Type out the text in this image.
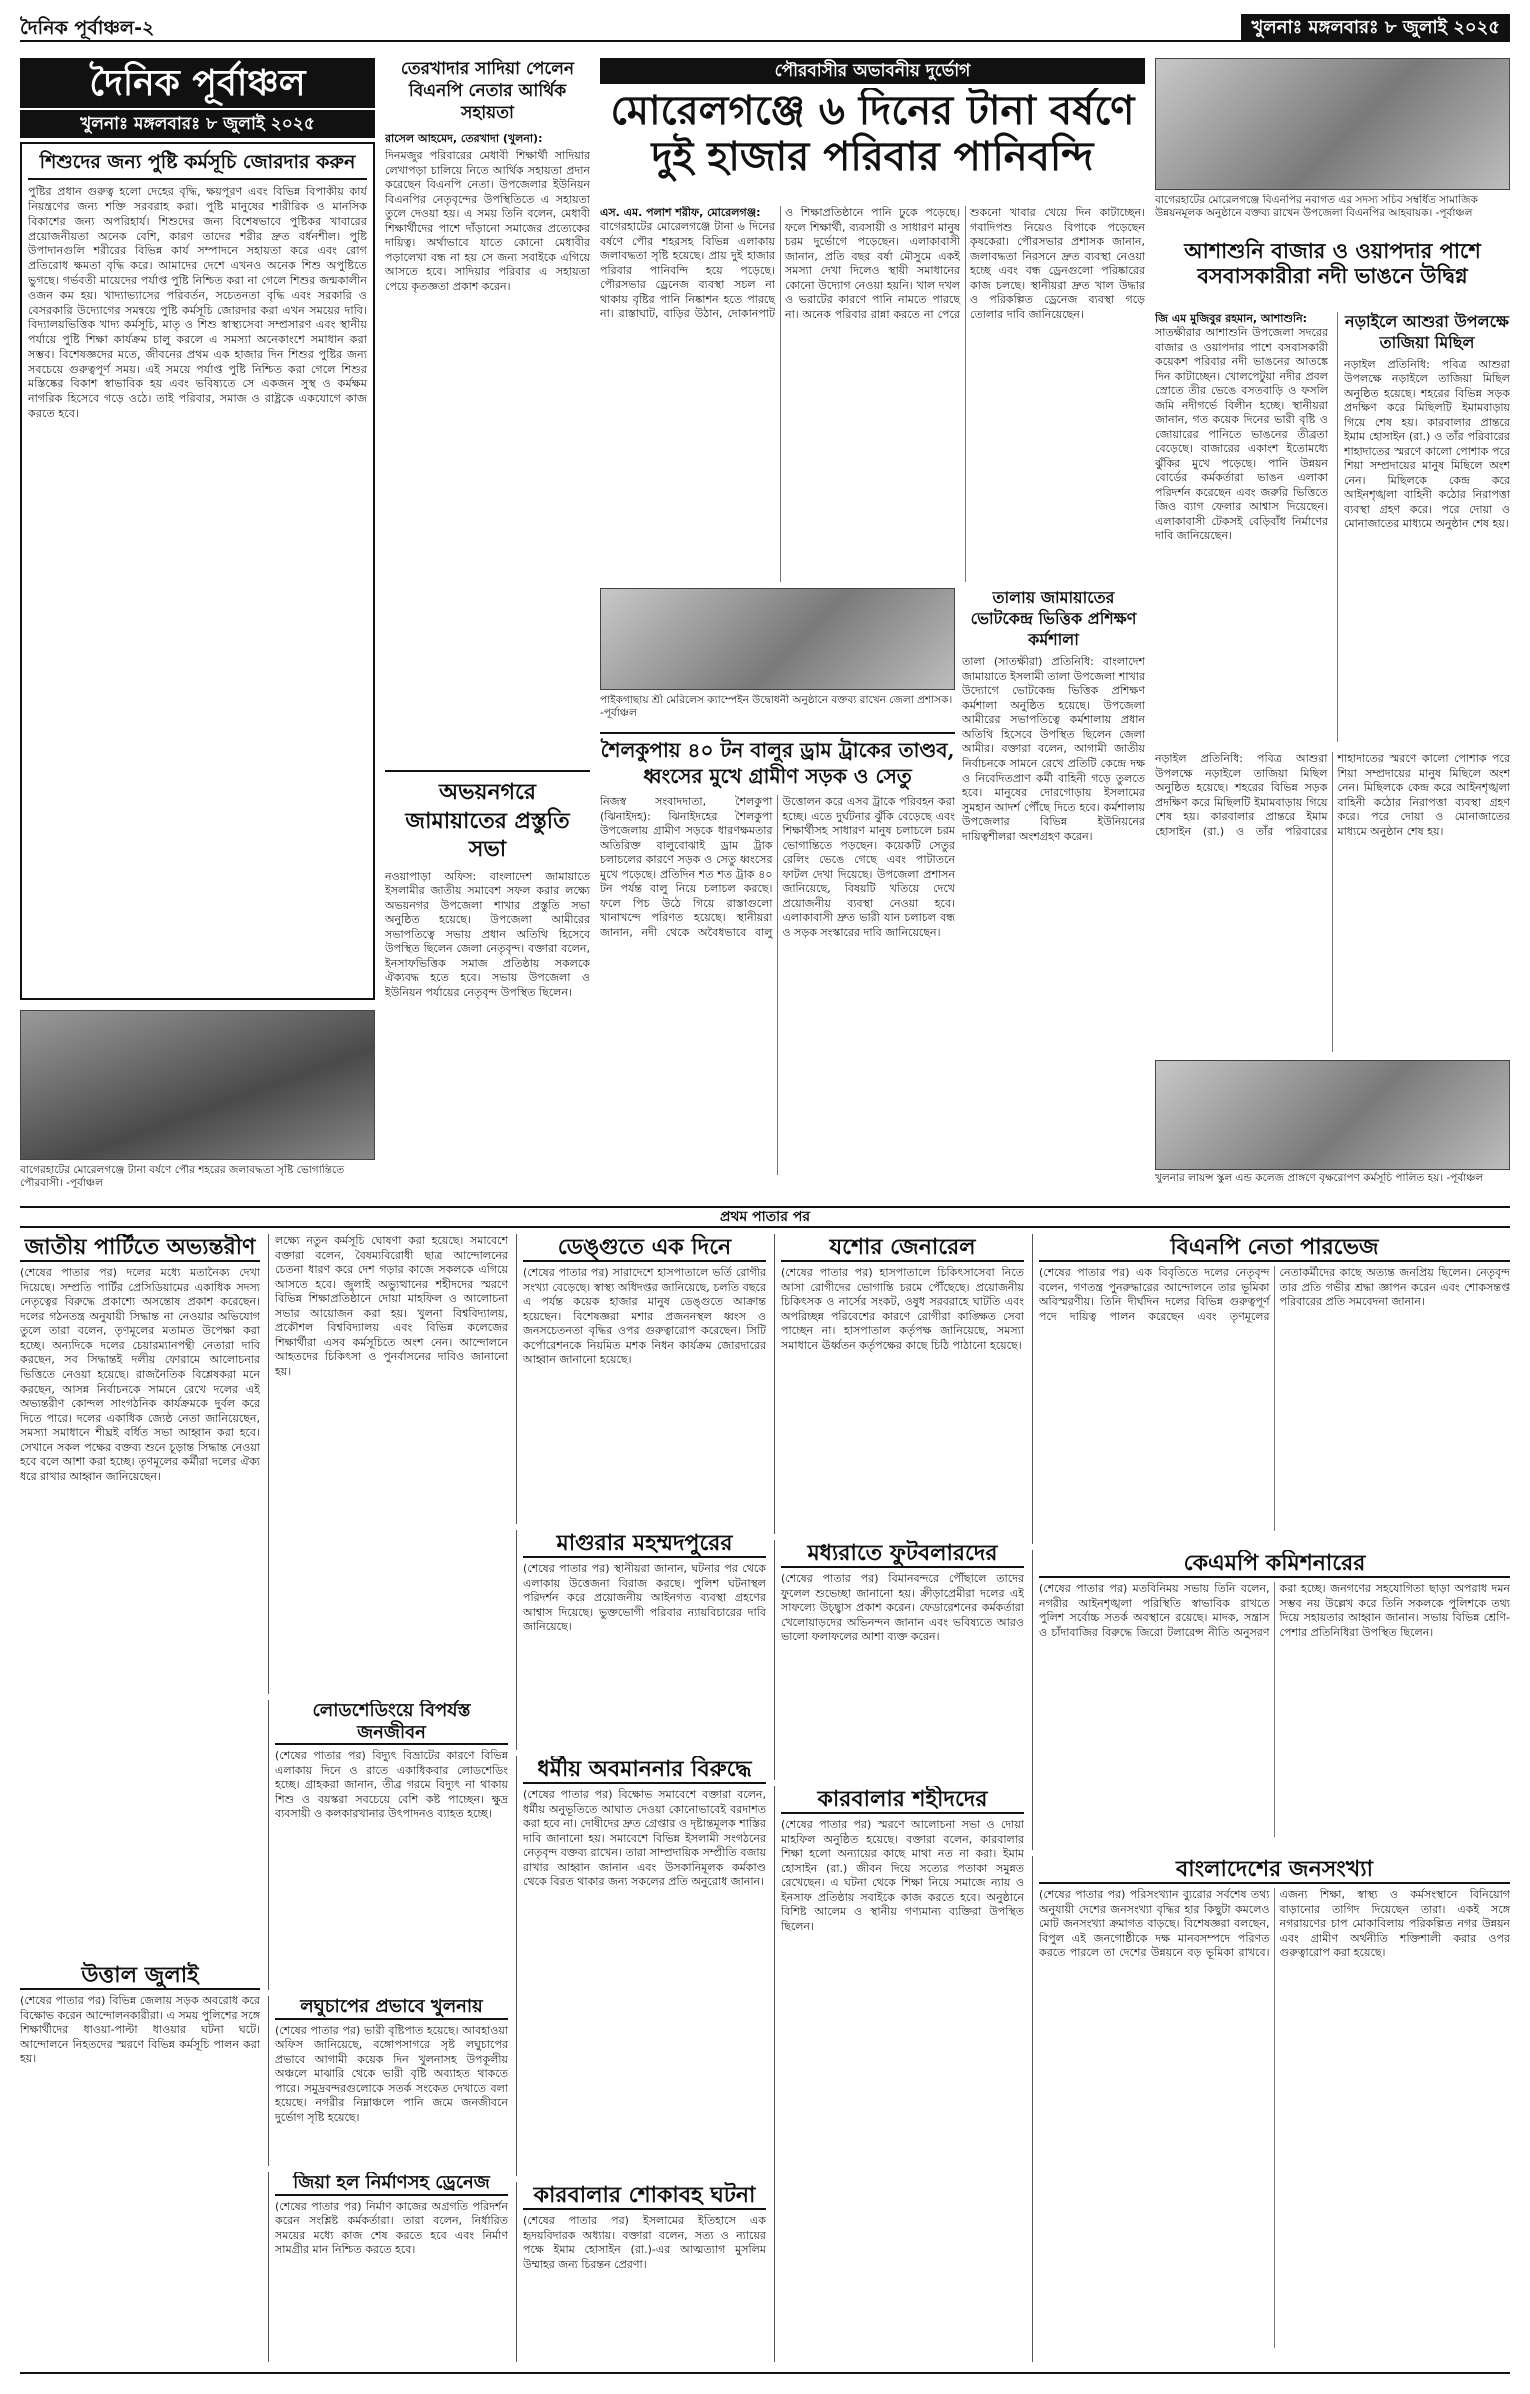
দৈনিক পূর্বাঞ্চল-২	খুলনাঃ মঙ্গলবারঃ ৮ জুলাই ২০২৫
দৈনিক পূর্বাঞ্চল
খুলনাঃ মঙ্গলবারঃ ৮ জুলাই ২০২৫
শিশুদের জন্য পুষ্টি কর্মসূচি জোরদার করুন
পুষ্টির প্রধান গুরুত্ব হলো দেহের বৃদ্ধি, ক্ষয়পূরণ এবং বিভিন্ন বিপাকীয় কার্য নিয়ন্ত্রণের জন্য শক্তি সরবরাহ করা। পুষ্টি মানুষের শারীরিক ও মানসিক বিকাশের জন্য অপরিহার্য। শিশুদের জন্য বিশেষভাবে পুষ্টিকর খাবারের প্রয়োজনীয়তা অনেক বেশি, কারণ তাদের শরীর দ্রুত বর্ধনশীল। পুষ্টি উপাদানগুলি শরীরের বিভিন্ন কার্য সম্পাদনে সহায়তা করে এবং রোগ প্রতিরোধ ক্ষমতা বৃদ্ধি করে। আমাদের দেশে এখনও অনেক শিশু অপুষ্টিতে ভুগছে। গর্ভবতী মায়েদের পর্যাপ্ত পুষ্টি নিশ্চিত করা না গেলে শিশুর জন্মকালীন ওজন কম হয়। খাদ্যাভ্যাসের পরিবর্তন, সচেতনতা বৃদ্ধি এবং সরকারি ও বেসরকারি উদ্যোগের সমন্বয়ে পুষ্টি কর্মসূচি জোরদার করা এখন সময়ের দাবি। বিদ্যালয়ভিত্তিক খাদ্য কর্মসূচি, মাতৃ ও শিশু স্বাস্থ্যসেবা সম্প্রসারণ এবং স্থানীয় পর্যায়ে পুষ্টি শিক্ষা কার্যক্রম চালু করলে এ সমস্যা অনেকাংশে সমাধান করা সম্ভব। বিশেষজ্ঞদের মতে, জীবনের প্রথম এক হাজার দিন শিশুর পুষ্টির জন্য সবচেয়ে গুরুত্বপূর্ণ সময়। এই সময়ে পর্যাপ্ত পুষ্টি নিশ্চিত করা গেলে শিশুর মস্তিষ্কের বিকাশ স্বাভাবিক হয় এবং ভবিষ্যতে সে একজন সুস্থ ও কর্মক্ষম নাগরিক হিসেবে গড়ে ওঠে। তাই পরিবার, সমাজ ও রাষ্ট্রকে একযোগে কাজ করতে হবে।
বাগেরহাটের মোরেলগঞ্জে টানা বর্ষণে পৌর শহরের জলাবদ্ধতা সৃষ্টি ভোগান্তিতে পৌরবাসী। -পূর্বাঞ্চল
তেরখাদার সাদিয়া পেলেন বিএনপি নেতার আর্থিক সহায়তা
রাসেল আহমেদ, তেরখাদা (খুলনা):
দিনমজুর পরিবারের মেধাবী শিক্ষার্থী সাদিয়ার লেখাপড়া চালিয়ে নিতে আর্থিক সহায়তা প্রদান করেছেন বিএনপি নেতা। উপজেলার ইউনিয়ন বিএনপির নেতৃবৃন্দের উপস্থিতিতে এ সহায়তা তুলে দেওয়া হয়। এ সময় তিনি বলেন, মেধাবী শিক্ষার্থীদের পাশে দাঁড়ানো সমাজের প্রত্যেকের দায়িত্ব। অর্থাভাবে যাতে কোনো মেধাবীর পড়ালেখা বন্ধ না হয় সে জন্য সবাইকে এগিয়ে আসতে হবে। সাদিয়ার পরিবার এ সহায়তা পেয়ে কৃতজ্ঞতা প্রকাশ করেন।
অভয়নগরে জামায়াতের প্রস্তুতি সভা
নওয়াপাড়া অফিস: বাংলাদেশ জামায়াতে ইসলামীর জাতীয় সমাবেশ সফল করার লক্ষ্যে অভয়নগর উপজেলা শাখার প্রস্তুতি সভা অনুষ্ঠিত হয়েছে। উপজেলা আমীরের সভাপতিত্বে সভায় প্রধান অতিথি হিসেবে উপস্থিত ছিলেন জেলা নেতৃবৃন্দ। বক্তারা বলেন, ইনসাফভিত্তিক সমাজ প্রতিষ্ঠায় সকলকে ঐক্যবদ্ধ হতে হবে। সভায় উপজেলা ও ইউনিয়ন পর্যায়ের নেতৃবৃন্দ উপস্থিত ছিলেন।
পৌরবাসীর অভাবনীয় দুর্ভোগ
মোরেলগঞ্জে ৬ দিনের টানা বর্ষণে দুই হাজার পরিবার পানিবন্দি
এস. এম. পলাশ শরীফ, মোরেলগঞ্জ:
বাগেরহাটের মোরেলগঞ্জে টানা ৬ দিনের বর্ষণে পৌর শহরসহ বিভিন্ন এলাকায় জলাবদ্ধতা সৃষ্টি হয়েছে। প্রায় দুই হাজার পরিবার পানিবন্দি হয়ে পড়েছে। পৌরসভার ড্রেনেজ ব্যবস্থা সচল না থাকায় বৃষ্টির পানি নিষ্কাশন হতে পারছে না। রাস্তাঘাট, বাড়ির উঠান, দোকানপাট ও শিক্ষাপ্রতিষ্ঠানে পানি ঢুকে পড়েছে। ফলে শিক্ষার্থী, ব্যবসায়ী ও সাধারণ মানুষ চরম দুর্ভোগে পড়েছেন। এলাকাবাসী জানান, প্রতি বছর বর্ষা মৌসুমে একই সমস্যা দেখা দিলেও স্থায়ী সমাধানের কোনো উদ্যোগ নেওয়া হয়নি। খাল দখল ও ভরাটের কারণে পানি নামতে পারছে না। অনেক পরিবার রান্না করতে না পেরে শুকনো খাবার খেয়ে দিন কাটাচ্ছেন। গবাদিপশু নিয়েও বিপাকে পড়েছেন কৃষকেরা। পৌরসভার প্রশাসক জানান, জলাবদ্ধতা নিরসনে দ্রুত ব্যবস্থা নেওয়া হচ্ছে এবং বন্ধ ড্রেনগুলো পরিষ্কারের কাজ চলছে। স্থানীয়রা দ্রুত খাল উদ্ধার ও পরিকল্পিত ড্রেনেজ ব্যবস্থা গড়ে তোলার দাবি জানিয়েছেন।
পাইকগাছায় শ্রী মেরিলেস ক্যাম্পেইন উদ্বোধনী অনুষ্ঠানে বক্তব্য রাখেন জেলা প্রশাসক। -পূর্বাঞ্চল
তালায় জামায়াতের ভোটকেন্দ্র ভিত্তিক প্রশিক্ষণ কর্মশালা
তালা (সাতক্ষীরা) প্রতিনিধি: বাংলাদেশ জামায়াতে ইসলামী তালা উপজেলা শাখার উদ্যোগে ভোটকেন্দ্র ভিত্তিক প্রশিক্ষণ কর্মশালা অনুষ্ঠিত হয়েছে। উপজেলা আমীরের সভাপতিত্বে কর্মশালায় প্রধান অতিথি হিসেবে উপস্থিত ছিলেন জেলা আমীর। বক্তারা বলেন, আগামী জাতীয় নির্বাচনকে সামনে রেখে প্রতিটি কেন্দ্রে দক্ষ ও নিবেদিতপ্রাণ কর্মী বাহিনী গড়ে তুলতে হবে। মানুষের দোরগোড়ায় ইসলামের সুমহান আদর্শ পৌঁছে দিতে হবে। কর্মশালায় উপজেলার বিভিন্ন ইউনিয়নের দায়িত্বশীলরা অংশগ্রহণ করেন।
শৈলকুপায় ৪০ টন বালুর ড্রাম ট্রাকের তাণ্ডব, ধ্বংসের মুখে গ্রামীণ সড়ক ও সেতু
নিজস্ব সংবাদদাতা, শৈলকুপা (ঝিনাইদহ): ঝিনাইদহের শৈলকুপা উপজেলায় গ্রামীণ সড়কে ধারণক্ষমতার অতিরিক্ত বালুবোঝাই ড্রাম ট্রাক চলাচলের কারণে সড়ক ও সেতু ধ্বংসের মুখে পড়েছে। প্রতিদিন শত শত ট্রাক ৪০ টন পর্যন্ত বালু নিয়ে চলাচল করছে। ফলে পিচ উঠে গিয়ে রাস্তাগুলো খানাখন্দে পরিণত হয়েছে। স্থানীয়রা জানান, নদী থেকে অবৈধভাবে বালু উত্তোলন করে এসব ট্রাকে পরিবহন করা হচ্ছে। এতে দুর্ঘটনার ঝুঁকি বেড়েছে এবং শিক্ষার্থীসহ সাধারণ মানুষ চলাচলে চরম ভোগান্তিতে পড়ছেন। কয়েকটি সেতুর রেলিং ভেঙে গেছে এবং পাটাতনে ফাটল দেখা দিয়েছে। উপজেলা প্রশাসন জানিয়েছে, বিষয়টি খতিয়ে দেখে প্রয়োজনীয় ব্যবস্থা নেওয়া হবে। এলাকাবাসী দ্রুত ভারী যান চলাচল বন্ধ ও সড়ক সংস্কারের দাবি জানিয়েছেন।
বাগেরহাটের মোরেলগঞ্জে বিএনপির নবাগত এর সদস্য সচিব সম্বর্ধিত সামাজিক উন্নয়নমূলক অনুষ্ঠানে বক্তব্য রাখেন উপজেলা বিএনপির আহবায়ক। -পূর্বাঞ্চল
আশাশুনি বাজার ও ওয়াপদার পাশে বসবাসকারীরা নদী ভাঙনে উদ্বিগ্ন
জি এম মুজিবুর রহমান, আশাশুনি:
সাতক্ষীরার আশাশুনি উপজেলা সদরের বাজার ও ওয়াপদার পাশে বসবাসকারী কয়েকশ পরিবার নদী ভাঙনের আতঙ্কে দিন কাটাচ্ছেন। খোলপেটুয়া নদীর প্রবল স্রোতে তীর ভেঙে বসতবাড়ি ও ফসলি জমি নদীগর্ভে বিলীন হচ্ছে। স্থানীয়রা জানান, গত কয়েক দিনের ভারী বৃষ্টি ও জোয়ারের পানিতে ভাঙনের তীব্রতা বেড়েছে। বাজারের একাংশ ইতোমধ্যে ঝুঁকির মুখে পড়েছে। পানি উন্নয়ন বোর্ডের কর্মকর্তারা ভাঙন এলাকা পরিদর্শন করেছেন এবং জরুরি ভিত্তিতে জিও ব্যাগ ফেলার আশ্বাস দিয়েছেন। এলাকাবাসী টেকসই বেড়িবাঁধ নির্মাণের দাবি জানিয়েছেন।
নড়াইলে আশুরা উপলক্ষে তাজিয়া মিছিল
নড়াইল প্রতিনিধি: পবিত্র আশুরা উপলক্ষে নড়াইলে তাজিয়া মিছিল অনুষ্ঠিত হয়েছে। শহরের বিভিন্ন সড়ক প্রদক্ষিণ করে মিছিলটি ইমামবাড়ায় গিয়ে শেষ হয়। কারবালার প্রান্তরে ইমাম হোসাইন (রা.) ও তাঁর পরিবারের শাহাদাতের স্মরণে কালো পোশাক পরে শিয়া সম্প্রদায়ের মানুষ মিছিলে অংশ নেন। মিছিলকে কেন্দ্র করে আইনশৃঙ্খলা বাহিনী কঠোর নিরাপত্তা ব্যবস্থা গ্রহণ করে। পরে দোয়া ও মোনাজাতের মাধ্যমে অনুষ্ঠান শেষ হয়।
খুলনার লায়ন্স স্কুল এন্ড কলেজ প্রাঙ্গণে বৃক্ষরোপণ কর্মসূচি পালিত হয়। -পূর্বাঞ্চল
নড়াইল প্রতিনিধি: পবিত্র আশুরা উপলক্ষে নড়াইলে তাজিয়া মিছিল অনুষ্ঠিত হয়েছে। শহরের বিভিন্ন সড়ক প্রদক্ষিণ করে মিছিলটি ইমামবাড়ায় গিয়ে শেষ হয়। কারবালার প্রান্তরে ইমাম হোসাইন (রা.) ও তাঁর পরিবারের শাহাদাতের স্মরণে কালো পোশাক পরে শিয়া সম্প্রদায়ের মানুষ মিছিলে অংশ নেন। মিছিলকে কেন্দ্র করে আইনশৃঙ্খলা বাহিনী কঠোর নিরাপত্তা ব্যবস্থা গ্রহণ করে। পরে দোয়া ও মোনাজাতের মাধ্যমে অনুষ্ঠান শেষ হয়।
প্রথম পাতার পর
জাতীয় পার্টিতে অভ্যন্তরীণ
(শেষের পাতার পর) দলের মধ্যে মতানৈক্য দেখা দিয়েছে। সম্প্রতি পার্টির প্রেসিডিয়ামের একাধিক সদস্য নেতৃত্বের বিরুদ্ধে প্রকাশ্যে অসন্তোষ প্রকাশ করেছেন। দলের গঠনতন্ত্র অনুযায়ী সিদ্ধান্ত না নেওয়ার অভিযোগ তুলে তারা বলেন, তৃণমূলের মতামত উপেক্ষা করা হচ্ছে। অন্যদিকে দলের চেয়ারম্যানপন্থী নেতারা দাবি করছেন, সব সিদ্ধান্তই দলীয় ফোরামে আলোচনার ভিত্তিতে নেওয়া হয়েছে। রাজনৈতিক বিশ্লেষকরা মনে করছেন, আসন্ন নির্বাচনকে সামনে রেখে দলের এই অভ্যন্তরীণ কোন্দল সাংগঠনিক কার্যক্রমকে দুর্বল করে দিতে পারে। দলের একাধিক জ্যেষ্ঠ নেতা জানিয়েছেন, সমস্যা সমাধানে শীঘ্রই বর্ধিত সভা আহ্বান করা হবে। সেখানে সকল পক্ষের বক্তব্য শুনে চূড়ান্ত সিদ্ধান্ত নেওয়া হবে বলে আশা করা হচ্ছে। তৃণমূলের কর্মীরা দলের ঐক্য ধরে রাখার আহ্বান জানিয়েছেন।
উত্তাল জুলাই
(শেষের পাতার পর) বিভিন্ন জেলায় সড়ক অবরোধ করে বিক্ষোভ করেন আন্দোলনকারীরা। এ সময় পুলিশের সঙ্গে শিক্ষার্থীদের ধাওয়া-পাল্টা ধাওয়ার ঘটনা ঘটে। আন্দোলনে নিহতদের স্মরণে বিভিন্ন কর্মসূচি পালন করা হয়।
লক্ষ্যে নতুন কর্মসূচি ঘোষণা করা হয়েছে। সমাবেশে বক্তারা বলেন, বৈষম্যবিরোধী ছাত্র আন্দোলনের চেতনা ধারণ করে দেশ গড়ার কাজে সকলকে এগিয়ে আসতে হবে। জুলাই অভ্যুত্থানের শহীদদের স্মরণে বিভিন্ন শিক্ষাপ্রতিষ্ঠানে দোয়া মাহফিল ও আলোচনা সভার আয়োজন করা হয়। খুলনা বিশ্ববিদ্যালয়, প্রকৌশল বিশ্ববিদ্যালয় এবং বিভিন্ন কলেজের শিক্ষার্থীরা এসব কর্মসূচিতে অংশ নেন। আন্দোলনে আহতদের চিকিৎসা ও পুনর্বাসনের দাবিও জানানো হয়।
লোডশেডিংয়ে বিপর্যস্ত জনজীবন
(শেষের পাতার পর) বিদ্যুৎ বিভ্রাটের কারণে বিভিন্ন এলাকায় দিনে ও রাতে একাধিকবার লোডশেডিং হচ্ছে। গ্রাহকরা জানান, তীব্র গরমে বিদ্যুৎ না থাকায় শিশু ও বয়স্করা সবচেয়ে বেশি কষ্ট পাচ্ছেন। ক্ষুদ্র ব্যবসায়ী ও কলকারখানার উৎপাদনও ব্যাহত হচ্ছে।
লঘুচাপের প্রভাবে খুলনায়
(শেষের পাতার পর) ভারী বৃষ্টিপাত হয়েছে। আবহাওয়া অফিস জানিয়েছে, বঙ্গোপসাগরে সৃষ্ট লঘুচাপের প্রভাবে আগামী কয়েক দিন খুলনাসহ উপকূলীয় অঞ্চলে মাঝারি থেকে ভারী বৃষ্টি অব্যাহত থাকতে পারে। সমুদ্রবন্দরগুলোকে সতর্ক সংকেত দেখাতে বলা হয়েছে। নগরীর নিম্নাঞ্চলে পানি জমে জনজীবনে দুর্ভোগ সৃষ্টি হয়েছে।
জিয়া হল নির্মাণসহ ড্রেনেজ
(শেষের পাতার পর) নির্মাণ কাজের অগ্রগতি পরিদর্শন করেন সংশ্লিষ্ট কর্মকর্তারা। তারা বলেন, নির্ধারিত সময়ের মধ্যে কাজ শেষ করতে হবে এবং নির্মাণ সামগ্রীর মান নিশ্চিত করতে হবে।
ডেঙ্গুতে এক দিনে
(শেষের পাতার পর) সারাদেশে হাসপাতালে ভর্তি রোগীর সংখ্যা বেড়েছে। স্বাস্থ্য অধিদপ্তর জানিয়েছে, চলতি বছরে এ পর্যন্ত কয়েক হাজার মানুষ ডেঙ্গুতে আক্রান্ত হয়েছেন। বিশেষজ্ঞরা মশার প্রজননস্থল ধ্বংস ও জনসচেতনতা বৃদ্ধির ওপর গুরুত্বারোপ করেছেন। সিটি কর্পোরেশনকে নিয়মিত মশক নিধন কার্যক্রম জোরদারের আহ্বান জানানো হয়েছে।
মাগুরার মহম্মদপুরের
(শেষের পাতার পর) স্থানীয়রা জানান, ঘটনার পর থেকে এলাকায় উত্তেজনা বিরাজ করছে। পুলিশ ঘটনাস্থল পরিদর্শন করে প্রয়োজনীয় আইনগত ব্যবস্থা গ্রহণের আশ্বাস দিয়েছে। ভুক্তভোগী পরিবার ন্যায়বিচারের দাবি জানিয়েছে।
ধর্মীয় অবমাননার বিরুদ্ধে
(শেষের পাতার পর) বিক্ষোভ সমাবেশে বক্তারা বলেন, ধর্মীয় অনুভূতিতে আঘাত দেওয়া কোনোভাবেই বরদাশত করা হবে না। দোষীদের দ্রুত গ্রেপ্তার ও দৃষ্টান্তমূলক শাস্তির দাবি জানানো হয়। সমাবেশে বিভিন্ন ইসলামী সংগঠনের নেতৃবৃন্দ বক্তব্য রাখেন। তারা সাম্প্রদায়িক সম্প্রীতি বজায় রাখার আহ্বান জানান এবং উসকানিমূলক কর্মকাণ্ড থেকে বিরত থাকার জন্য সকলের প্রতি অনুরোধ জানান।
কারবালার শোকাবহ ঘটনা
(শেষের পাতার পর) ইসলামের ইতিহাসে এক হৃদয়বিদারক অধ্যায়। বক্তারা বলেন, সত্য ও ন্যায়ের পক্ষে ইমাম হোসাইন (রা.)-এর আত্মত্যাগ মুসলিম উম্মাহর জন্য চিরন্তন প্রেরণা।
যশোর জেনারেল
(শেষের পাতার পর) হাসপাতালে চিকিৎসাসেবা নিতে আসা রোগীদের ভোগান্তি চরমে পৌঁছেছে। প্রয়োজনীয় চিকিৎসক ও নার্সের সংকট, ওষুধ সরবরাহে ঘাটতি এবং অপরিচ্ছন্ন পরিবেশের কারণে রোগীরা কাঙ্ক্ষিত সেবা পাচ্ছেন না। হাসপাতাল কর্তৃপক্ষ জানিয়েছে, সমস্যা সমাধানে ঊর্ধ্বতন কর্তৃপক্ষের কাছে চিঠি পাঠানো হয়েছে।
মধ্যরাতে ফুটবলারদের
(শেষের পাতার পর) বিমানবন্দরে পৌঁছালে তাদের ফুলেল শুভেচ্ছা জানানো হয়। ক্রীড়াপ্রেমীরা দলের এই সাফল্যে উচ্ছ্বাস প্রকাশ করেন। ফেডারেশনের কর্মকর্তারা খেলোয়াড়দের অভিনন্দন জানান এবং ভবিষ্যতে আরও ভালো ফলাফলের আশা ব্যক্ত করেন।
কারবালার শহীদদের
(শেষের পাতার পর) স্মরণে আলোচনা সভা ও দোয়া মাহফিল অনুষ্ঠিত হয়েছে। বক্তারা বলেন, কারবালার শিক্ষা হলো অন্যায়ের কাছে মাথা নত না করা। ইমাম হোসাইন (রা.) জীবন দিয়ে সত্যের পতাকা সমুন্নত রেখেছেন। এ ঘটনা থেকে শিক্ষা নিয়ে সমাজে ন্যায় ও ইনসাফ প্রতিষ্ঠায় সবাইকে কাজ করতে হবে। অনুষ্ঠানে বিশিষ্ট আলেম ও স্থানীয় গণ্যমান্য ব্যক্তিরা উপস্থিত ছিলেন।
বিএনপি নেতা পারভেজ
(শেষের পাতার পর) এক বিবৃতিতে দলের নেতৃবৃন্দ বলেন, গণতন্ত্র পুনরুদ্ধারের আন্দোলনে তার ভূমিকা অবিস্মরণীয়। তিনি দীর্ঘদিন দলের বিভিন্ন গুরুত্বপূর্ণ পদে দায়িত্ব পালন করেছেন এবং তৃণমূলের নেতাকর্মীদের কাছে অত্যন্ত জনপ্রিয় ছিলেন। নেতৃবৃন্দ তার প্রতি গভীর শ্রদ্ধা জ্ঞাপন করেন এবং শোকসন্তপ্ত পরিবারের প্রতি সমবেদনা জানান।
কেএমপি কমিশনারের
(শেষের পাতার পর) মতবিনিময় সভায় তিনি বলেন, নগরীর আইনশৃঙ্খলা পরিস্থিতি স্বাভাবিক রাখতে পুলিশ সর্বোচ্চ সতর্ক অবস্থানে রয়েছে। মাদক, সন্ত্রাস ও চাঁদাবাজির বিরুদ্ধে জিরো টলারেন্স নীতি অনুসরণ করা হচ্ছে। জনগণের সহযোগিতা ছাড়া অপরাধ দমন সম্ভব নয় উল্লেখ করে তিনি সকলকে পুলিশকে তথ্য দিয়ে সহায়তার আহ্বান জানান। সভায় বিভিন্ন শ্রেণি-পেশার প্রতিনিধিরা উপস্থিত ছিলেন।
বাংলাদেশের জনসংখ্যা
(শেষের পাতার পর) পরিসংখ্যান ব্যুরোর সর্বশেষ তথ্য অনুযায়ী দেশের জনসংখ্যা বৃদ্ধির হার কিছুটা কমলেও মোট জনসংখ্যা ক্রমাগত বাড়ছে। বিশেষজ্ঞরা বলছেন, বিপুল এই জনগোষ্ঠীকে দক্ষ মানবসম্পদে পরিণত করতে পারলে তা দেশের উন্নয়নে বড় ভূমিকা রাখবে। এজন্য শিক্ষা, স্বাস্থ্য ও কর্মসংস্থানে বিনিয়োগ বাড়ানোর তাগিদ দিয়েছেন তারা। একই সঙ্গে নগরায়ণের চাপ মোকাবিলায় পরিকল্পিত নগর উন্নয়ন এবং গ্রামীণ অর্থনীতি শক্তিশালী করার ওপর গুরুত্বারোপ করা হয়েছে।
